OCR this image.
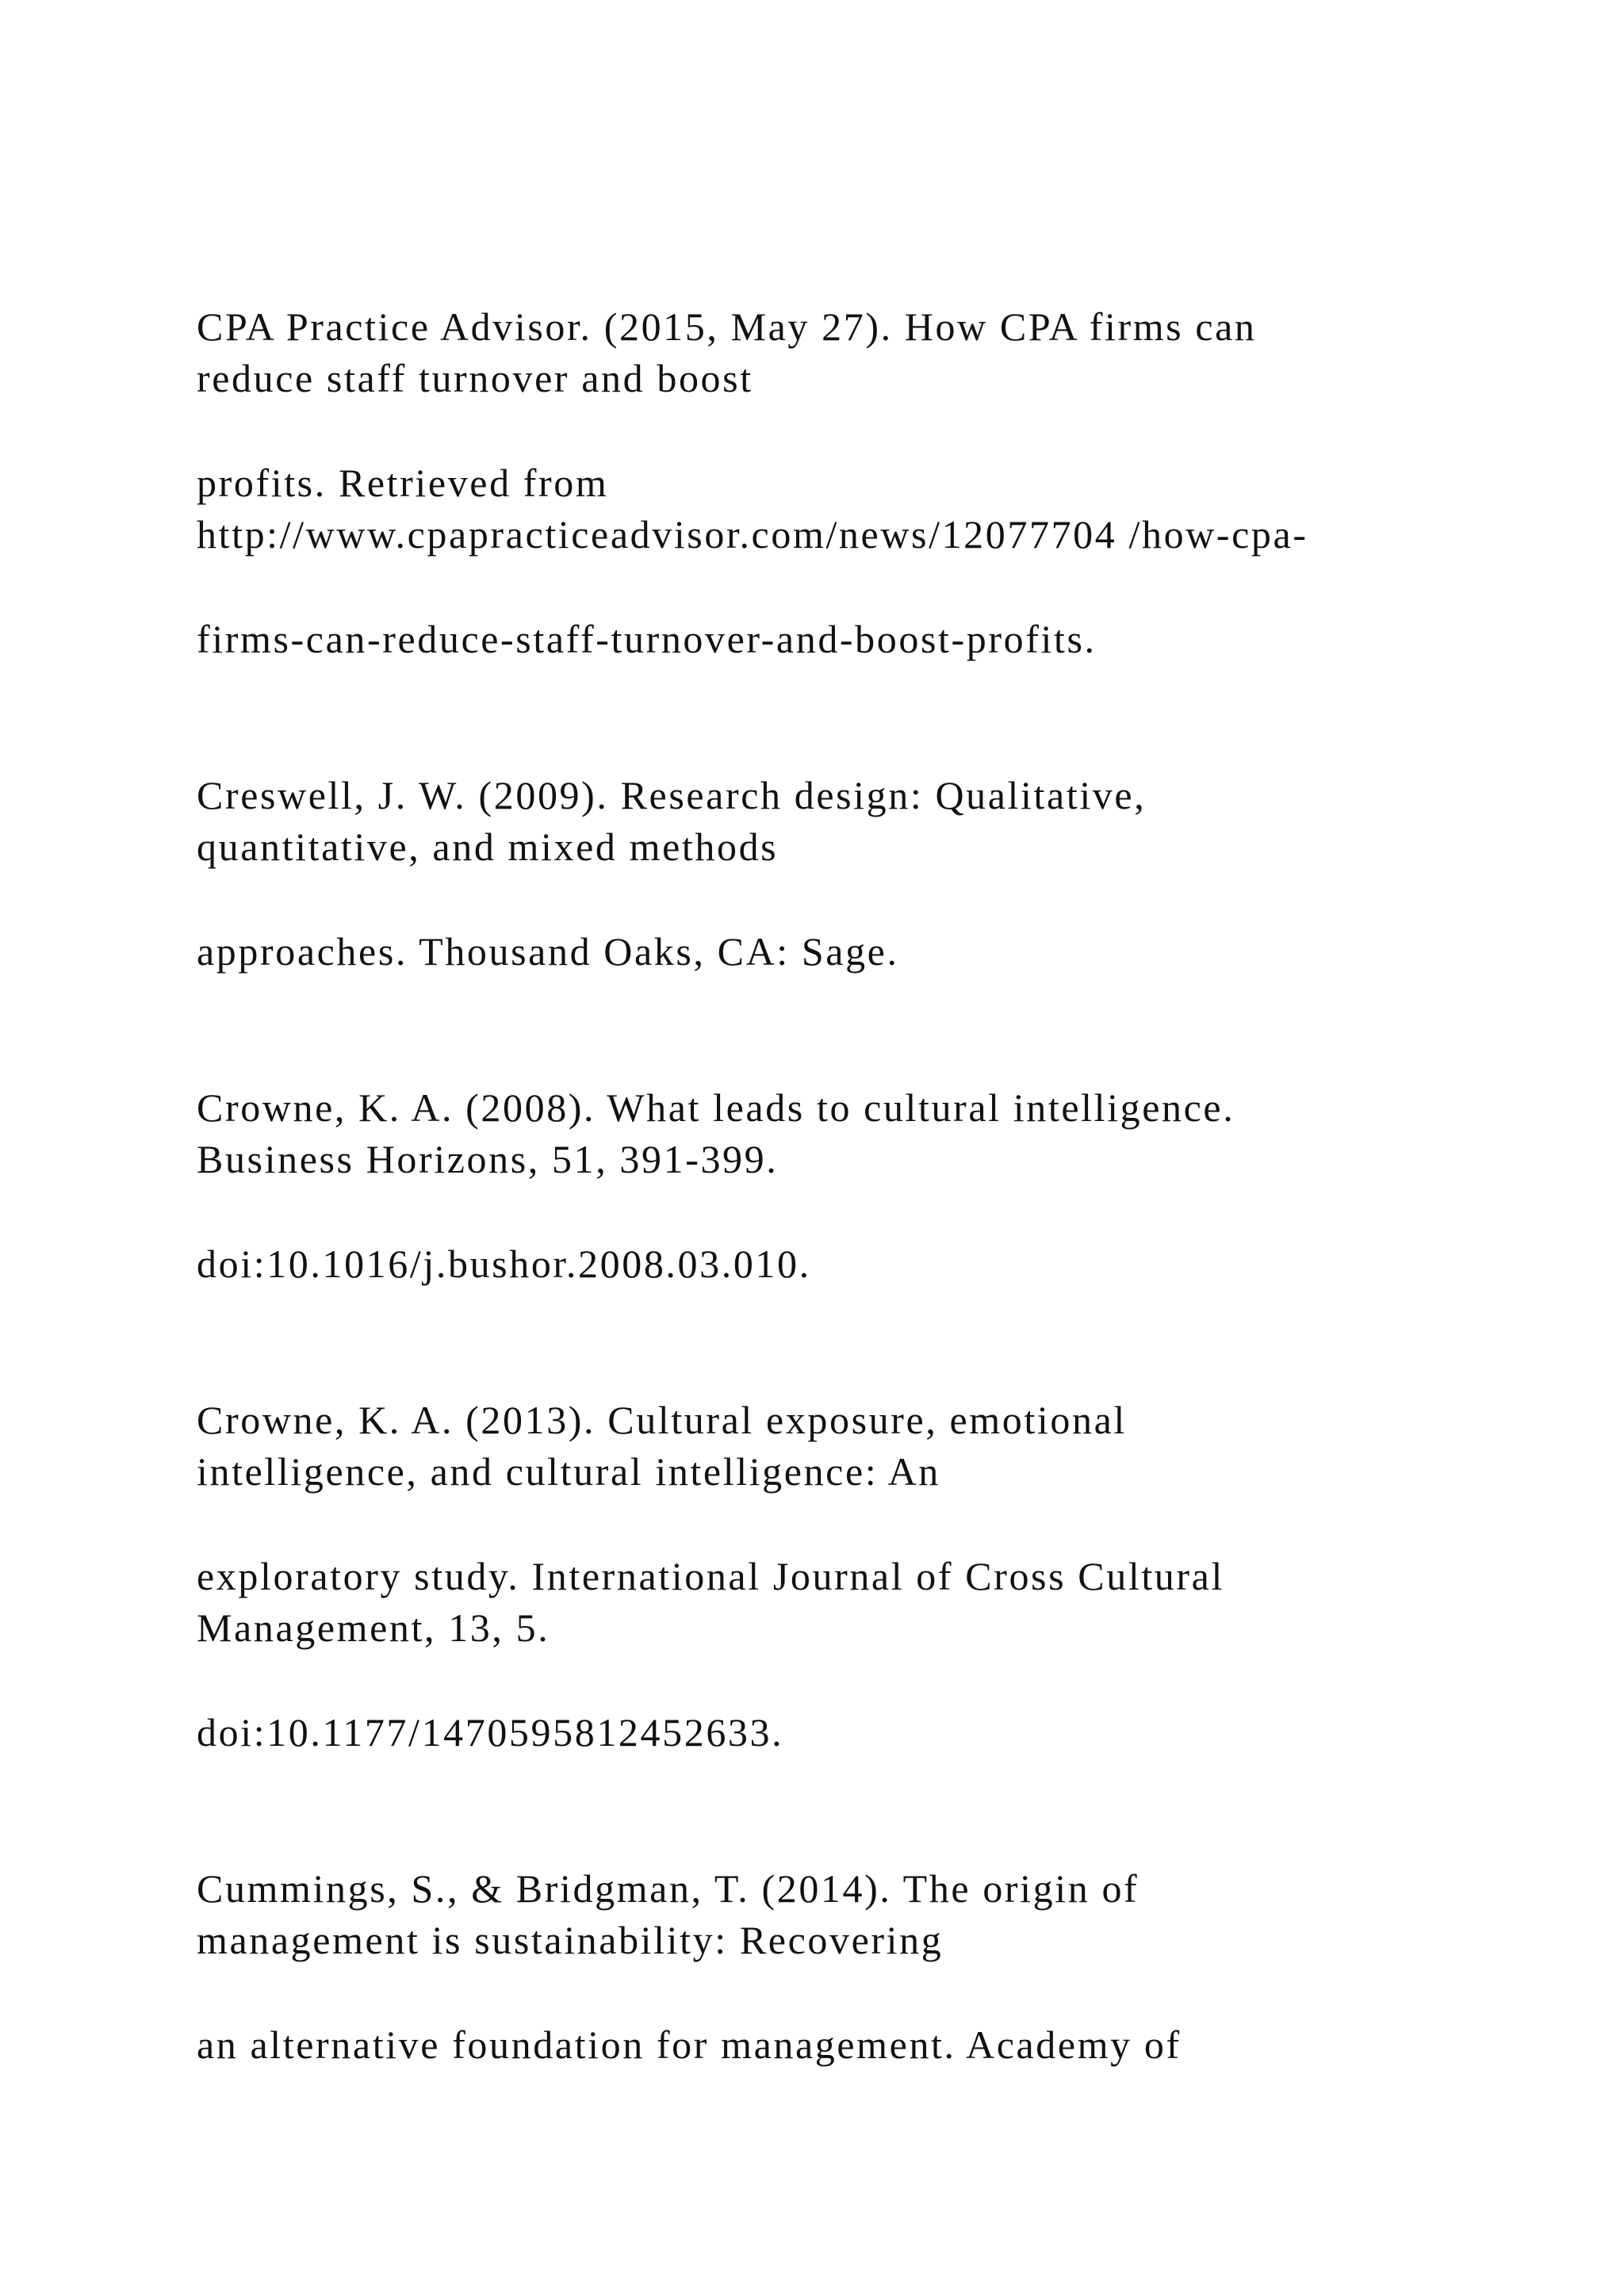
CPA Practice Advisor. (2015, May 27). How CPA firms can

reduce staff turnover and boost

profits. Retrieved from

http://www.cpapracticeadvisor.com/news/12077704 /how-cpa-

firms-can-reduce-staff-turnover-and-boost-profits.

Creswell, J. W. (2009). Research design: Qualitative,

quantitative, and mixed methods

approaches. Thousand Oaks, CA: Sage.

Crowne, K. A. (2008). What leads to cultural intelligence.

Business Horizons, 51, 391-399.

doi:10.1016/j.bushor.2008.03.010.

Crowne, K. A. (2013). Cultural exposure, emotional

intelligence, and cultural intelligence: An

exploratory study. International Journal of Cross Cultural

Management, 13, 5.

doi:10.1177/1470595812452633.

Cummings, S., & Bridgman, T. (2014). The origin of

management is sustainability: Recovering

an alternative foundation for management. Academy of
